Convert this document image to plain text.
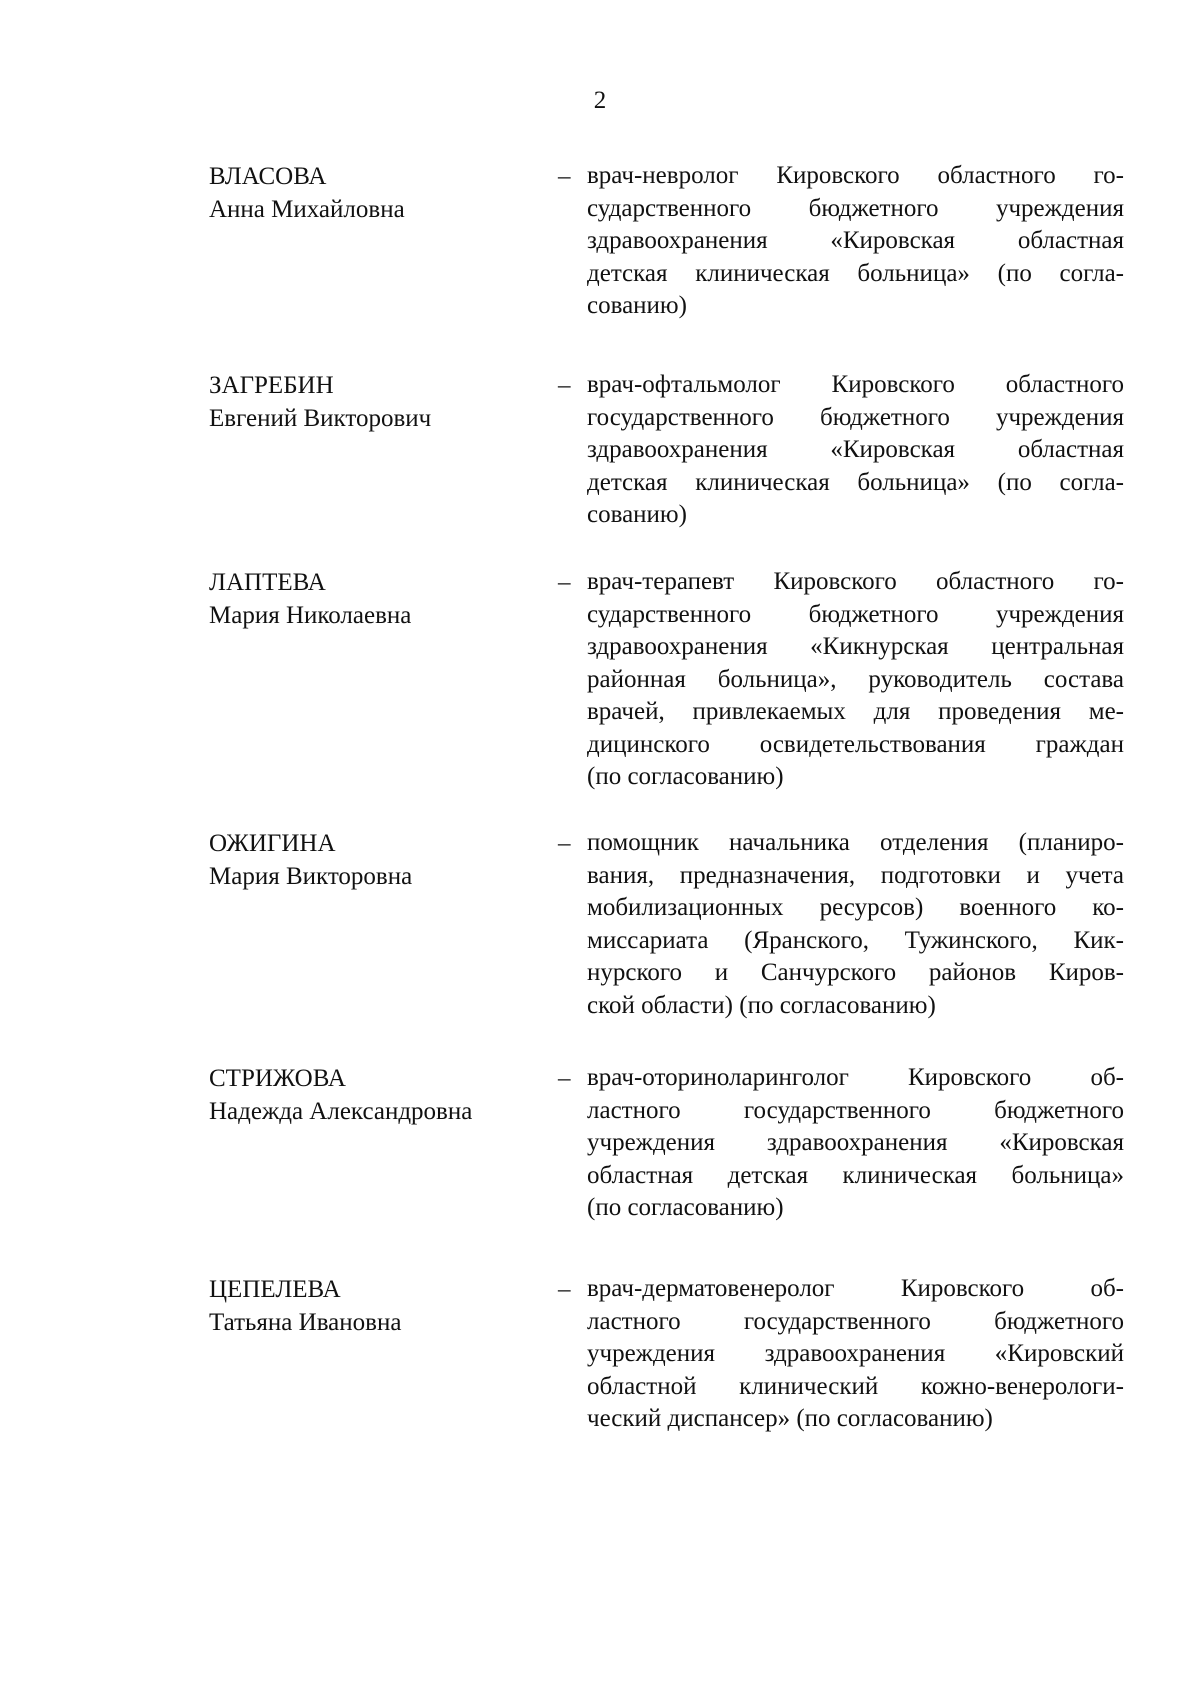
2
ВЛАСОВА
Анна Михайловна
– врач-невролог Кировского областного го-
сударственного бюджетного учреждения
здравоохранения «Кировская областная
детская клиническая больница» (по согла-
сованию)
ЗАГРЕБИН
Евгений Викторович
– врач-офтальмолог Кировского областного
государственного бюджетного учреждения
здравоохранения «Кировская областная
детская клиническая больница» (по согла-
сованию)
ЛАПТЕВА
Мария Николаевна
– врач-терапевт Кировского областного го-
сударственного бюджетного учреждения
здравоохранения «Кикнурская центральная
районная больница», руководитель состава
врачей, привлекаемых для проведения ме-
дицинского освидетельствования граждан
(по согласованию)
ОЖИГИНА
Мария Викторовна
– помощник начальника отделения (планиро-
вания, предназначения, подготовки и учета
мобилизационных ресурсов) военного ко-
миссариата (Яранского, Тужинского, Кик-
нурского и Санчурского районов Киров-
ской области) (по согласованию)
СТРИЖОВА
Надежда Александровна
– врач-оториноларинголог Кировского об-
ластного государственного бюджетного
учреждения здравоохранения «Кировская
областная детская клиническая больница»
(по согласованию)
ЦЕПЕЛЕВА
Татьяна Ивановна
– врач-дерматовенеролог Кировского об-
ластного государственного бюджетного
учреждения здравоохранения «Кировский
областной клинический кожно-венерологи-
ческий диспансер» (по согласованию)
